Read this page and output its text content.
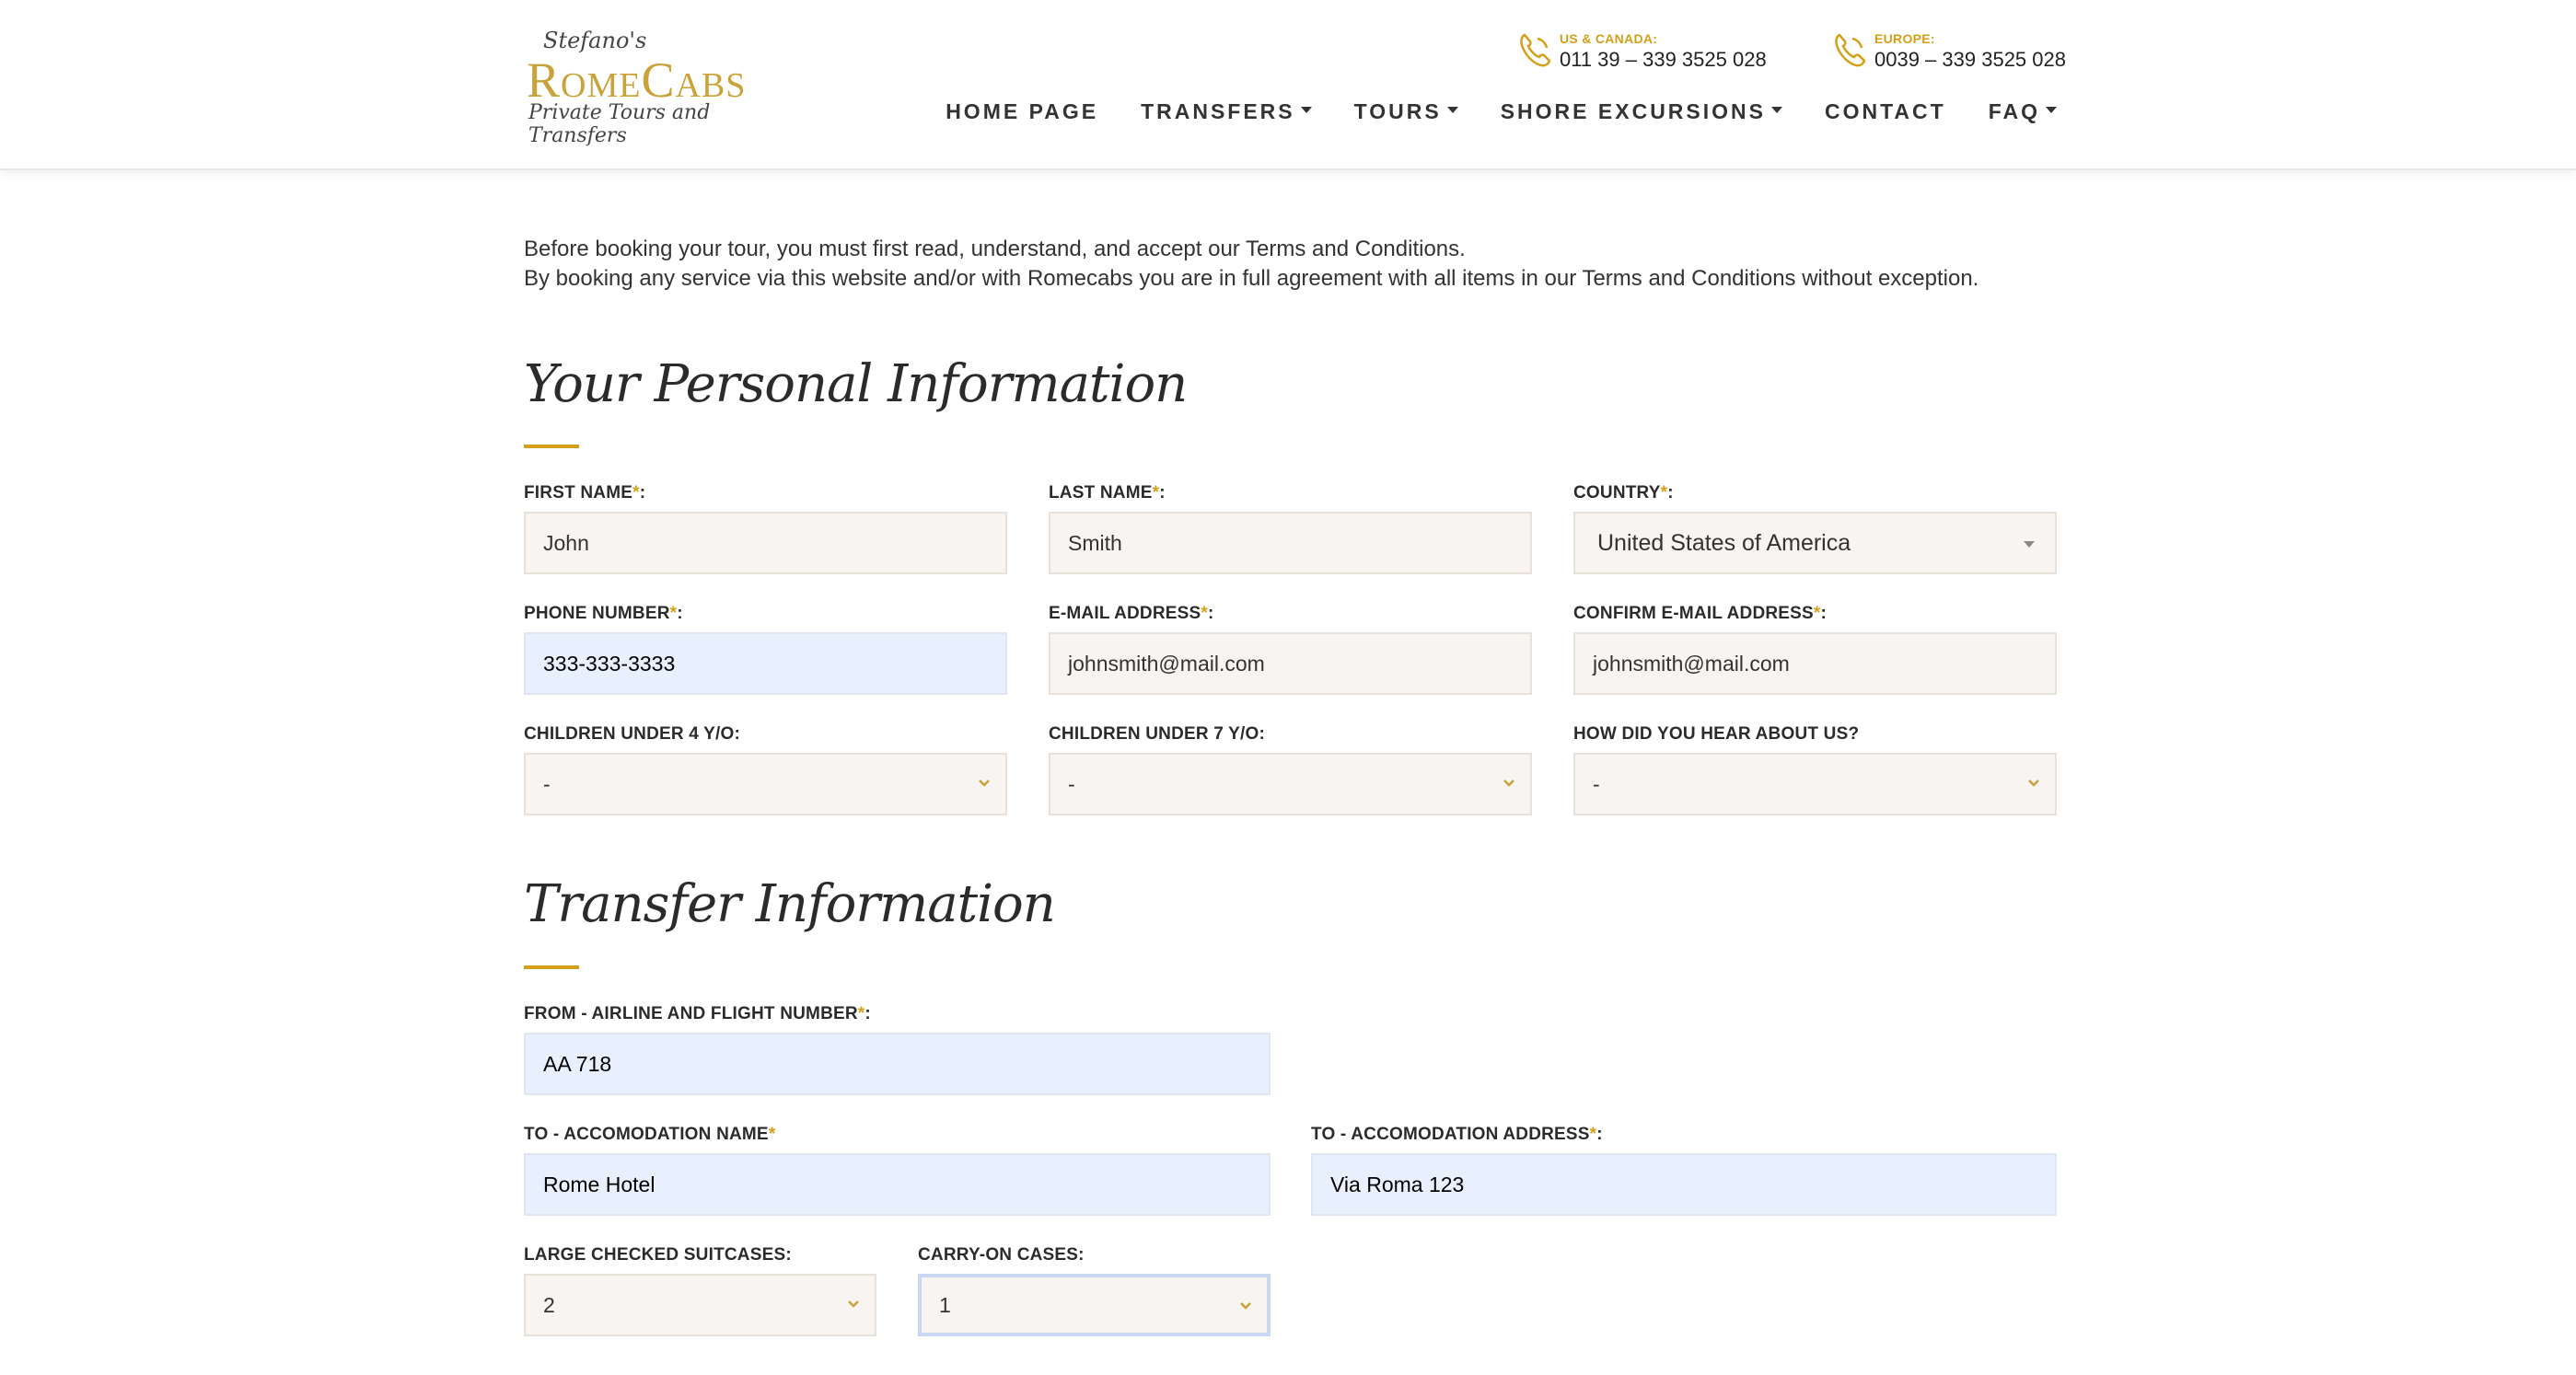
Stefano's
RomeCabs
Private Tours and Transfers
US & CANADA:
011 39 – 339 3525 028
EUROPE:
0039 – 339 3525 028
HOME PAGE TRANSFERS	TOURS	SHORE EXCURSIONS	CONTACT FAQ
Before booking your tour, you must first read, understand, and accept our Terms and Conditions.
By booking any service via this website and/or with Romecabs you are in full agreement with all items in our Terms and Conditions without exception.
Your Personal Information
FIRST NAME*:
John
LAST NAME*:
Smith
COUNTRY*:
United States of America
PHONE NUMBER*:
333-333-3333
E-MAIL ADDRESS*:
johnsmith@mail.com
CONFIRM E-MAIL ADDRESS*:
johnsmith@mail.com
CHILDREN UNDER 4 Y/O:
-
CHILDREN UNDER 7 Y/O:
-
HOW DID YOU HEAR ABOUT US?
-
Transfer Information
FROM - AIRLINE AND FLIGHT NUMBER*:
AA 718
TO - ACCOMODATION NAME*
Rome Hotel
TO - ACCOMODATION ADDRESS*:
Via Roma 123
LARGE CHECKED SUITCASES:
2
CARRY-ON CASES:
1
